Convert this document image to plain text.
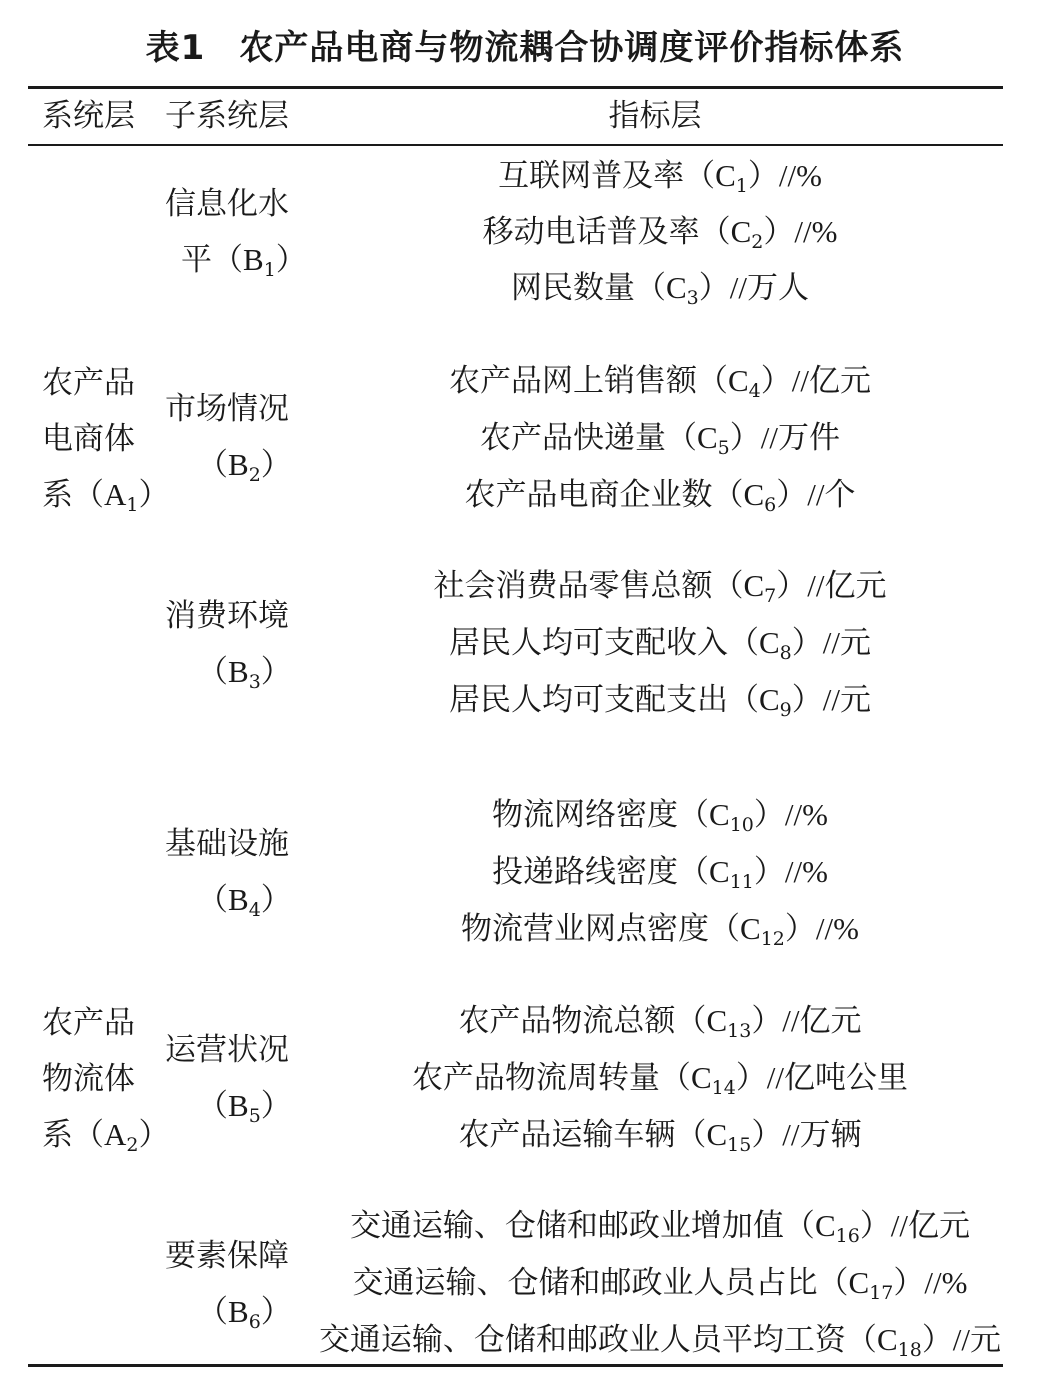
表1 农产品电商与物流耦合协调度评价指标体系
系统层 子系统层	指标层
农产品
电商体
系$(A_1)$
农产品
物流体
系$(A_2)$
信息化水
平$(B_1)$
市场情况
$(B_2)$
消费环境
$(B_3)$
基础设施
$(B_4)$
运营状况
$(B_5)$
要素保障
$(B_6)$
互联网普及率$(C_1)//\%$
移动电话普及率$(C_2)//\%$
网民数量$(C_3)//$万人
农产品网上销售额$(C_4)//$亿元
农产品快递量$(C_5)//$万件
农产品电商企业数$(C_6)//$个
社会消费品零售总额$(C_7)//$亿元
居民人均可支配收入$(C_8)//$元
居民人均可支配支出$(C_9)//$元
物流网络密度$(C_{10})//\%$
投递路线密度$(C_{11})//\%$
物流营业网点密度$(C_{12})//\%$
农产品物流总额$(C_{13})//$亿元
农产品物流周转量$(C_{14})//$亿吨公里
农产品运输车辆$(C_{15})//$万辆
交通运输、仓储和邮政业增加值$(C_{16})//$亿元
交通运输、仓储和邮政业人员占比$(C_{17})//\%$
交通运输、仓储和邮政业人员平均工资$(C_{18})//$元
